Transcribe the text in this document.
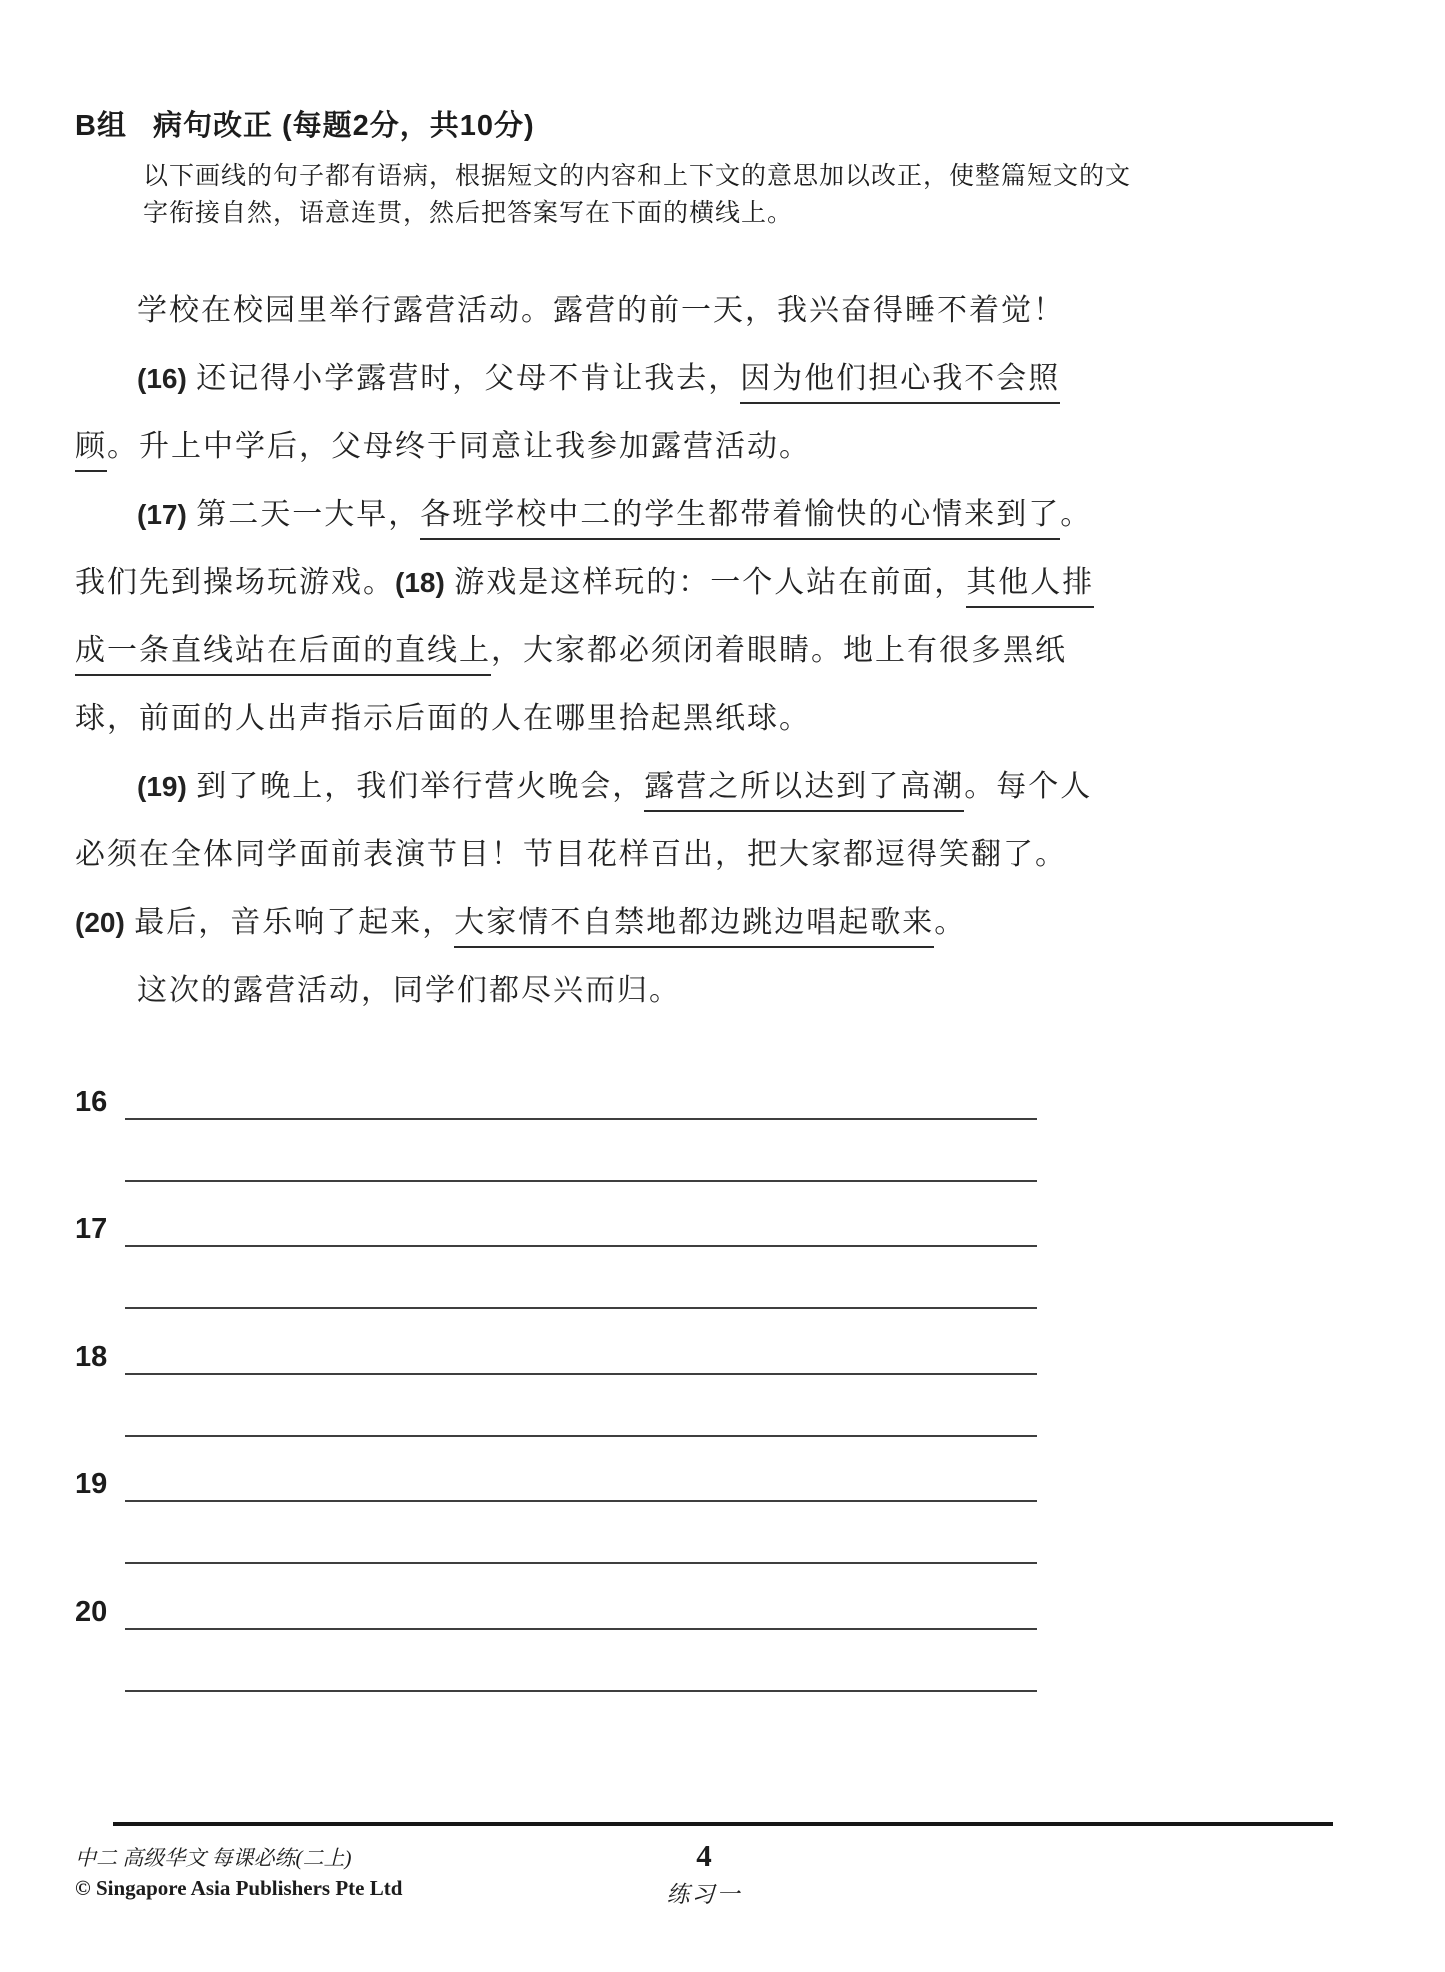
B组 病句改正 (每题2分，共10分)
以下画线的句子都有语病，根据短文的内容和上下文的意思加以改正，使整篇短文的文
字衔接自然，语意连贯，然后把答案写在下面的横线上。
学校在校园里举行露营活动。露营的前一天，我兴奋得睡不着觉！
(16) 还记得小学露营时，父母不肯让我去，因为他们担心我不会照
顾。升上中学后，父母终于同意让我参加露营活动。
(17) 第二天一大早，各班学校中二的学生都带着愉快的心情来到了。
我们先到操场玩游戏。(18) 游戏是这样玩的：一个人站在前面，其他人排
成一条直线站在后面的直线上，大家都必须闭着眼睛。地上有很多黑纸
球，前面的人出声指示后面的人在哪里拾起黑纸球。
(19) 到了晚上，我们举行营火晚会，露营之所以达到了高潮。每个人
必须在全体同学面前表演节目！节目花样百出，把大家都逗得笑翻了。
(20) 最后，音乐响了起来，大家情不自禁地都边跳边唱起歌来。
这次的露营活动，同学们都尽兴而归。
16
17
18
19
20
中二 高级华文 每课必练(二上)
© Singapore Asia Publishers Pte Ltd
4
练习一
